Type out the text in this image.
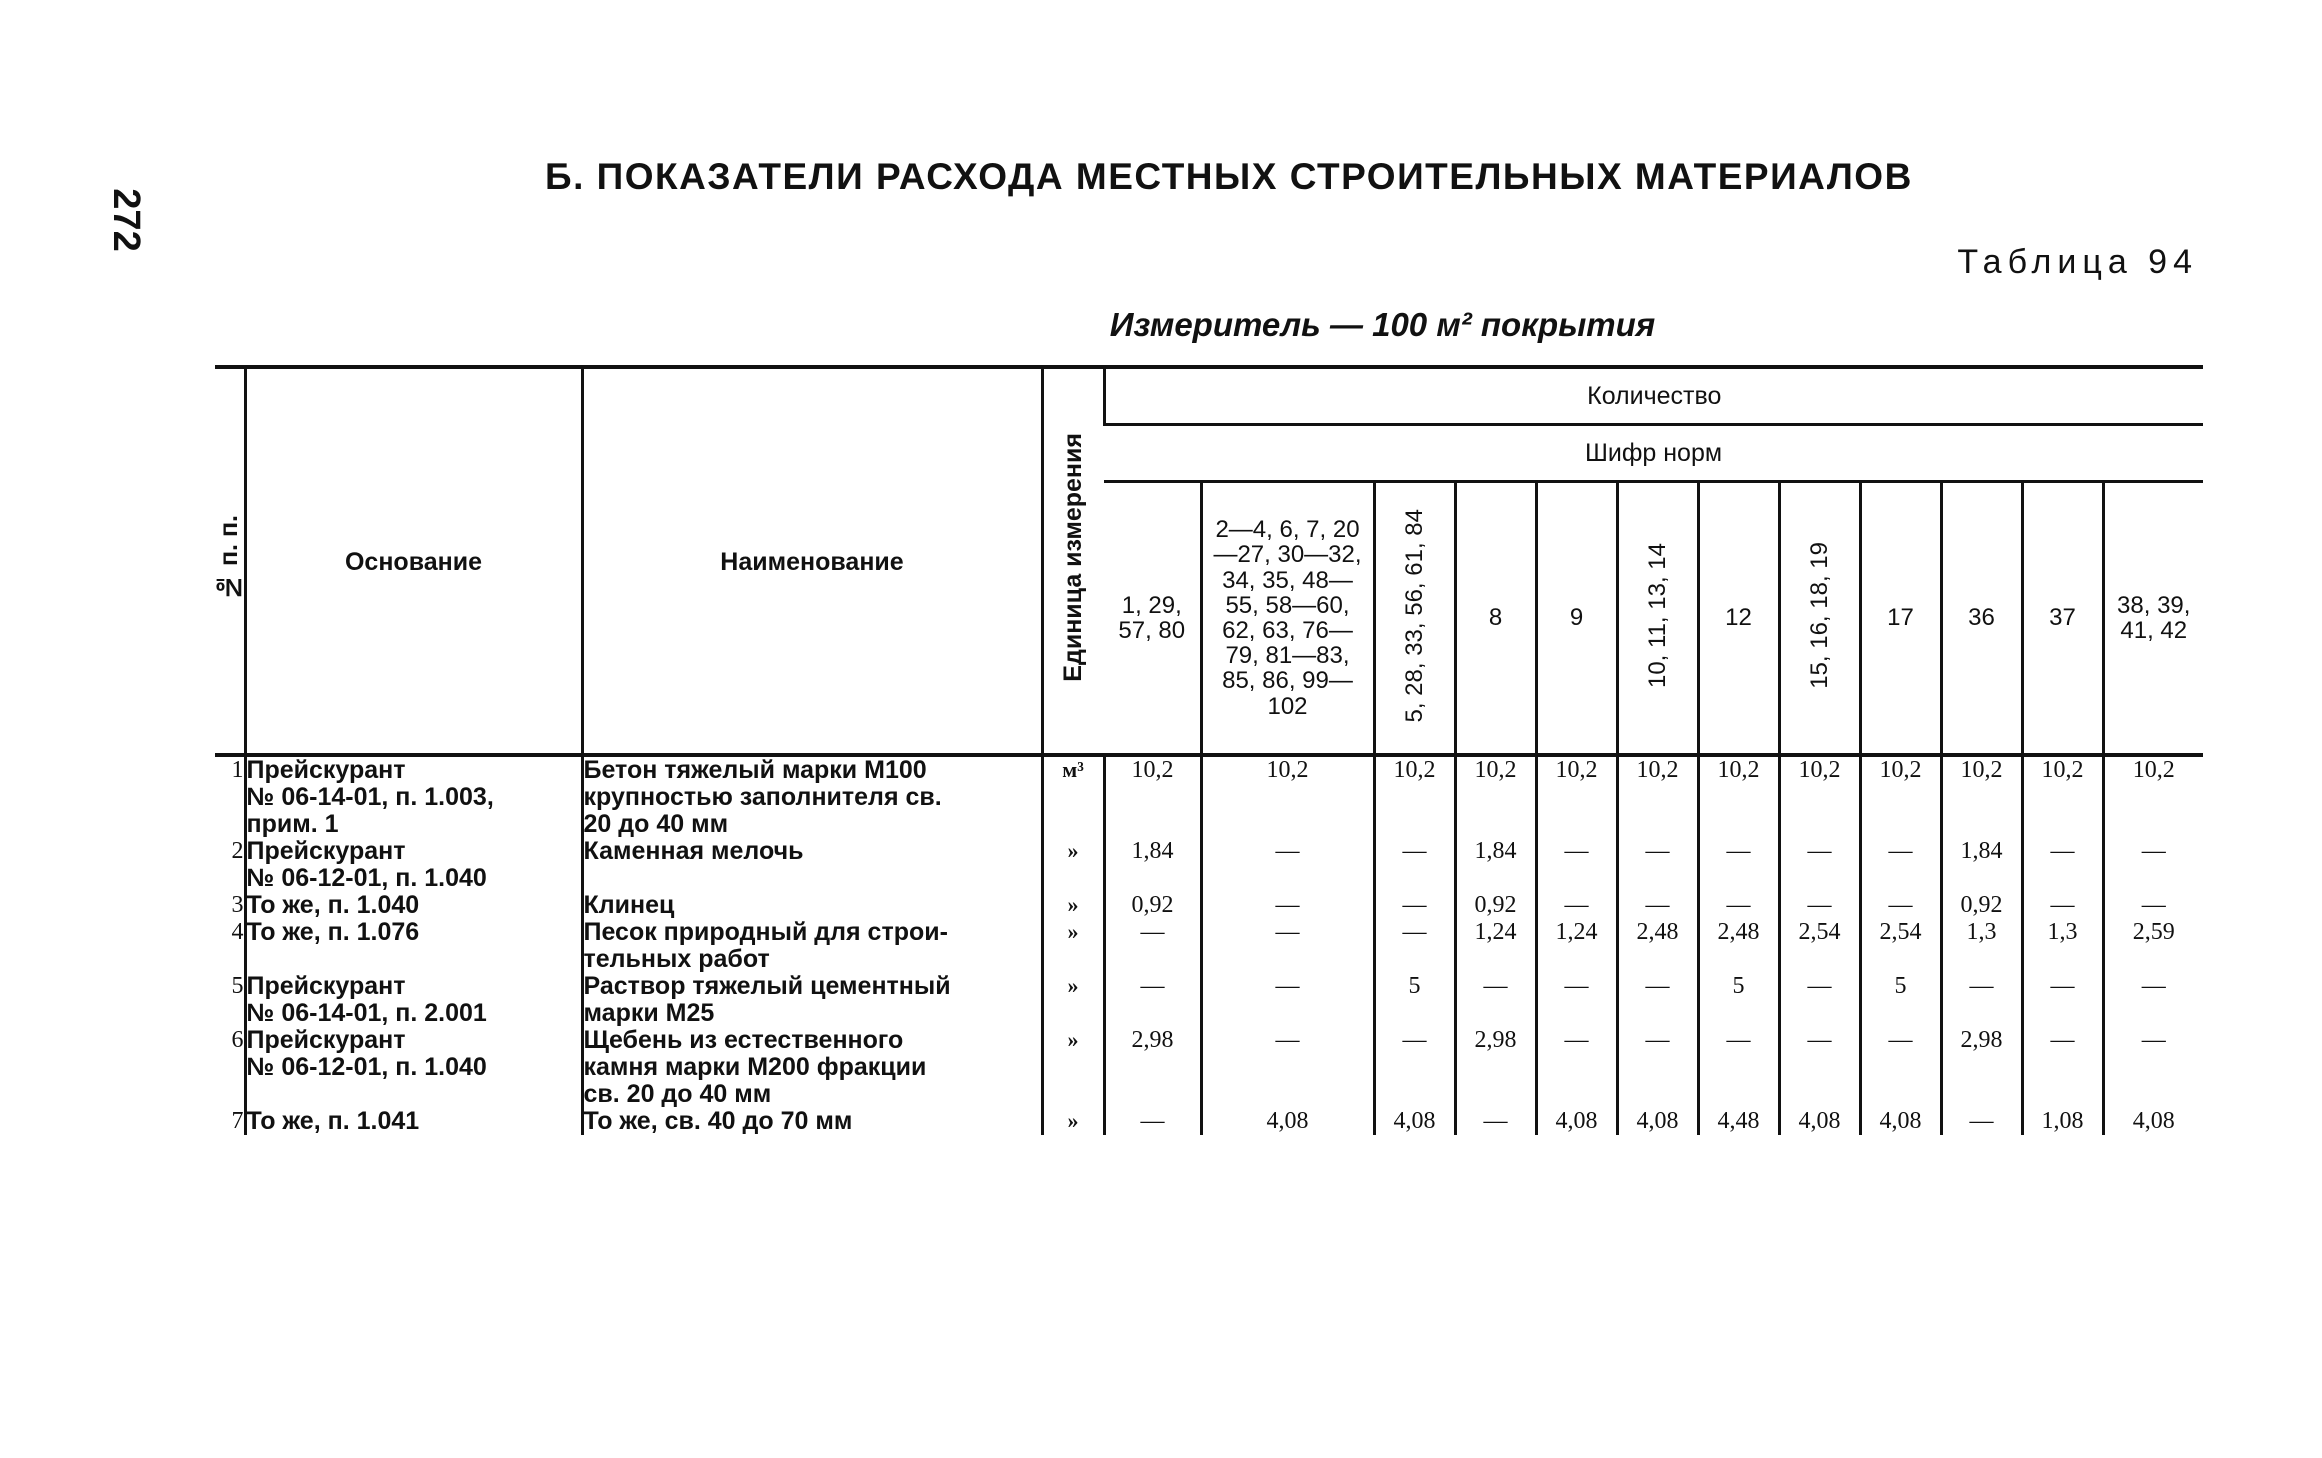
272
Б. ПОКАЗАТЕЛИ РАСХОДА МЕСТНЫХ СТРОИТЕЛЬНЫХ МАТЕРИАЛОВ
Таблица 94
Измеритель — 100 м² покрытия
№ п. п.	Основание	Наименование	Единица измерения	Количество											
				Шифр норм											
				1, 29, 57, 80	2—4, 6, 7, 20—27, 30—32, 34, 35, 48—55, 58—60, 62, 63, 76—79, 81—83, 85, 86, 99—102	5, 28, 33, 56, 61, 84	8	9	10, 11, 13, 14	12	15, 16, 18, 19	17	36	37	38, 39, 41, 42
1	Прейскурант
№ 06-14-01, п. 1.003,
прим. 1	Бетон тяжелый марки М100
крупностью заполнителя св.
20 до 40 мм	м³	10,2	10,2	10,2	10,2	10,2	10,2	10,2	10,2	10,2	10,2	10,2	10,2
2	Прейскурант
№ 06-12-01, п. 1.040	Каменная мелочь	»	1,84	—	—	1,84	—	—	—	—	—	1,84	—	—
3	То же, п. 1.040	Клинец	»	0,92	—	—	0,92	—	—	—	—	—	0,92	—	—
4	То же, п. 1.076	Песок природный для строи-
тельных работ	»	—	—	—	1,24	1,24	2,48	2,48	2,54	2,54	1,3	1,3	2,59
5	Прейскурант
№ 06-14-01, п. 2.001	Раствор тяжелый цементный
марки М25	»	—	—	5	—	—	—	5	—	5	—	—	—
6	Прейскурант
№ 06-12-01, п. 1.040	Щебень из естественного
камня марки М200 фракции
св. 20 до 40 мм	»	2,98	—	—	2,98	—	—	—	—	—	2,98	—	—
7	То же, п. 1.041	То же, св. 40 до 70 мм	»	—	4,08	4,08	—	4,08	4,08	4,48	4,08	4,08	—	1,08	4,08
